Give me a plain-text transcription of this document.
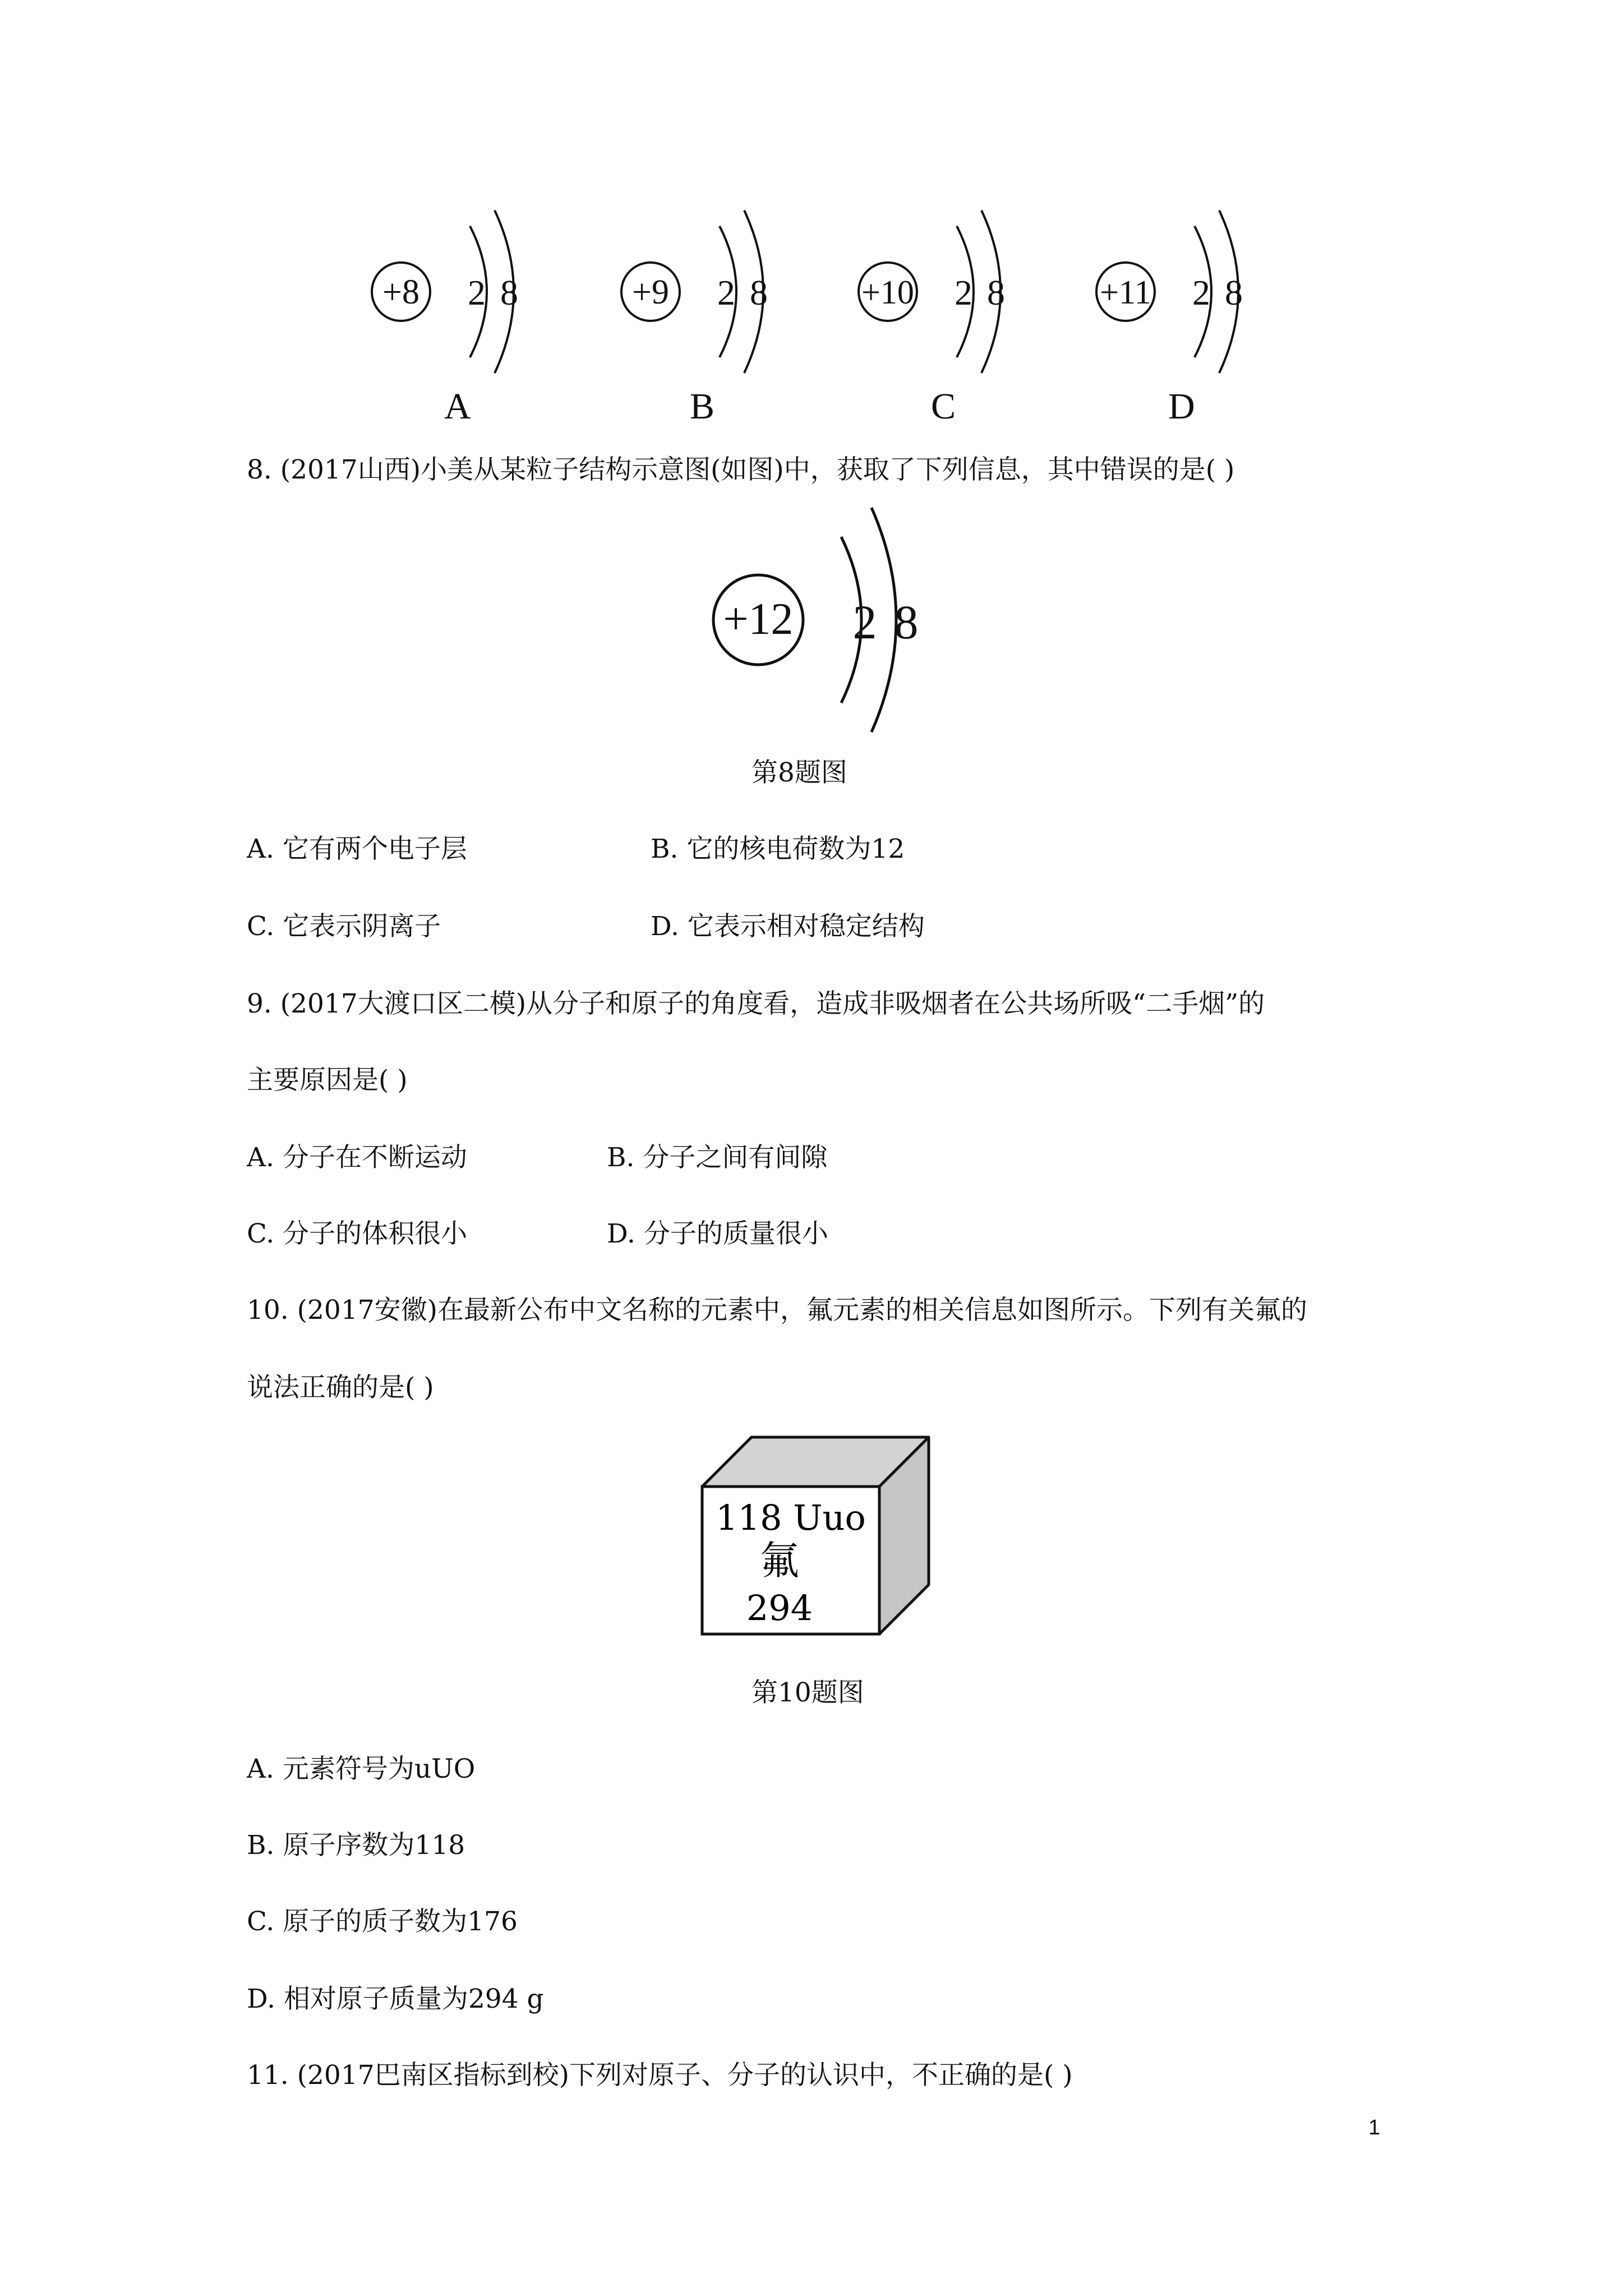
+8 2 8	+9 2 8	+10 2 8	+11 2 8
A	B	C	D
8. (2017山西)小美从某粒子结构示意图(如图)中，获取了下列信息，其中错误的是( )
+12 2 8
第8题图
A. 它有两个电子层	B. 它的核电荷数为12
C. 它表示阴离子	D. 它表示相对稳定结构
9. (2017大渡口区二模)从分子和原子的角度看，造成非吸烟者在公共场所吸“二手烟”的
主要原因是( )
A. 分子在不断运动	B. 分子之间有间隙
C. 分子的体积很小	D. 分子的质量很小
10. (2017安徽)在最新公布中文名称的元素中，氟元素的相关信息如图所示。下列有关氟的
说法正确的是( )
118 Uuo
氟
294
第10题图
A. 元素符号为uUO
B. 原子序数为118
C. 原子的质子数为176
D. 相对原子质量为294 g
11. (2017巴南区指标到校)下列对原子、分子的认识中，不正确的是( )
1
